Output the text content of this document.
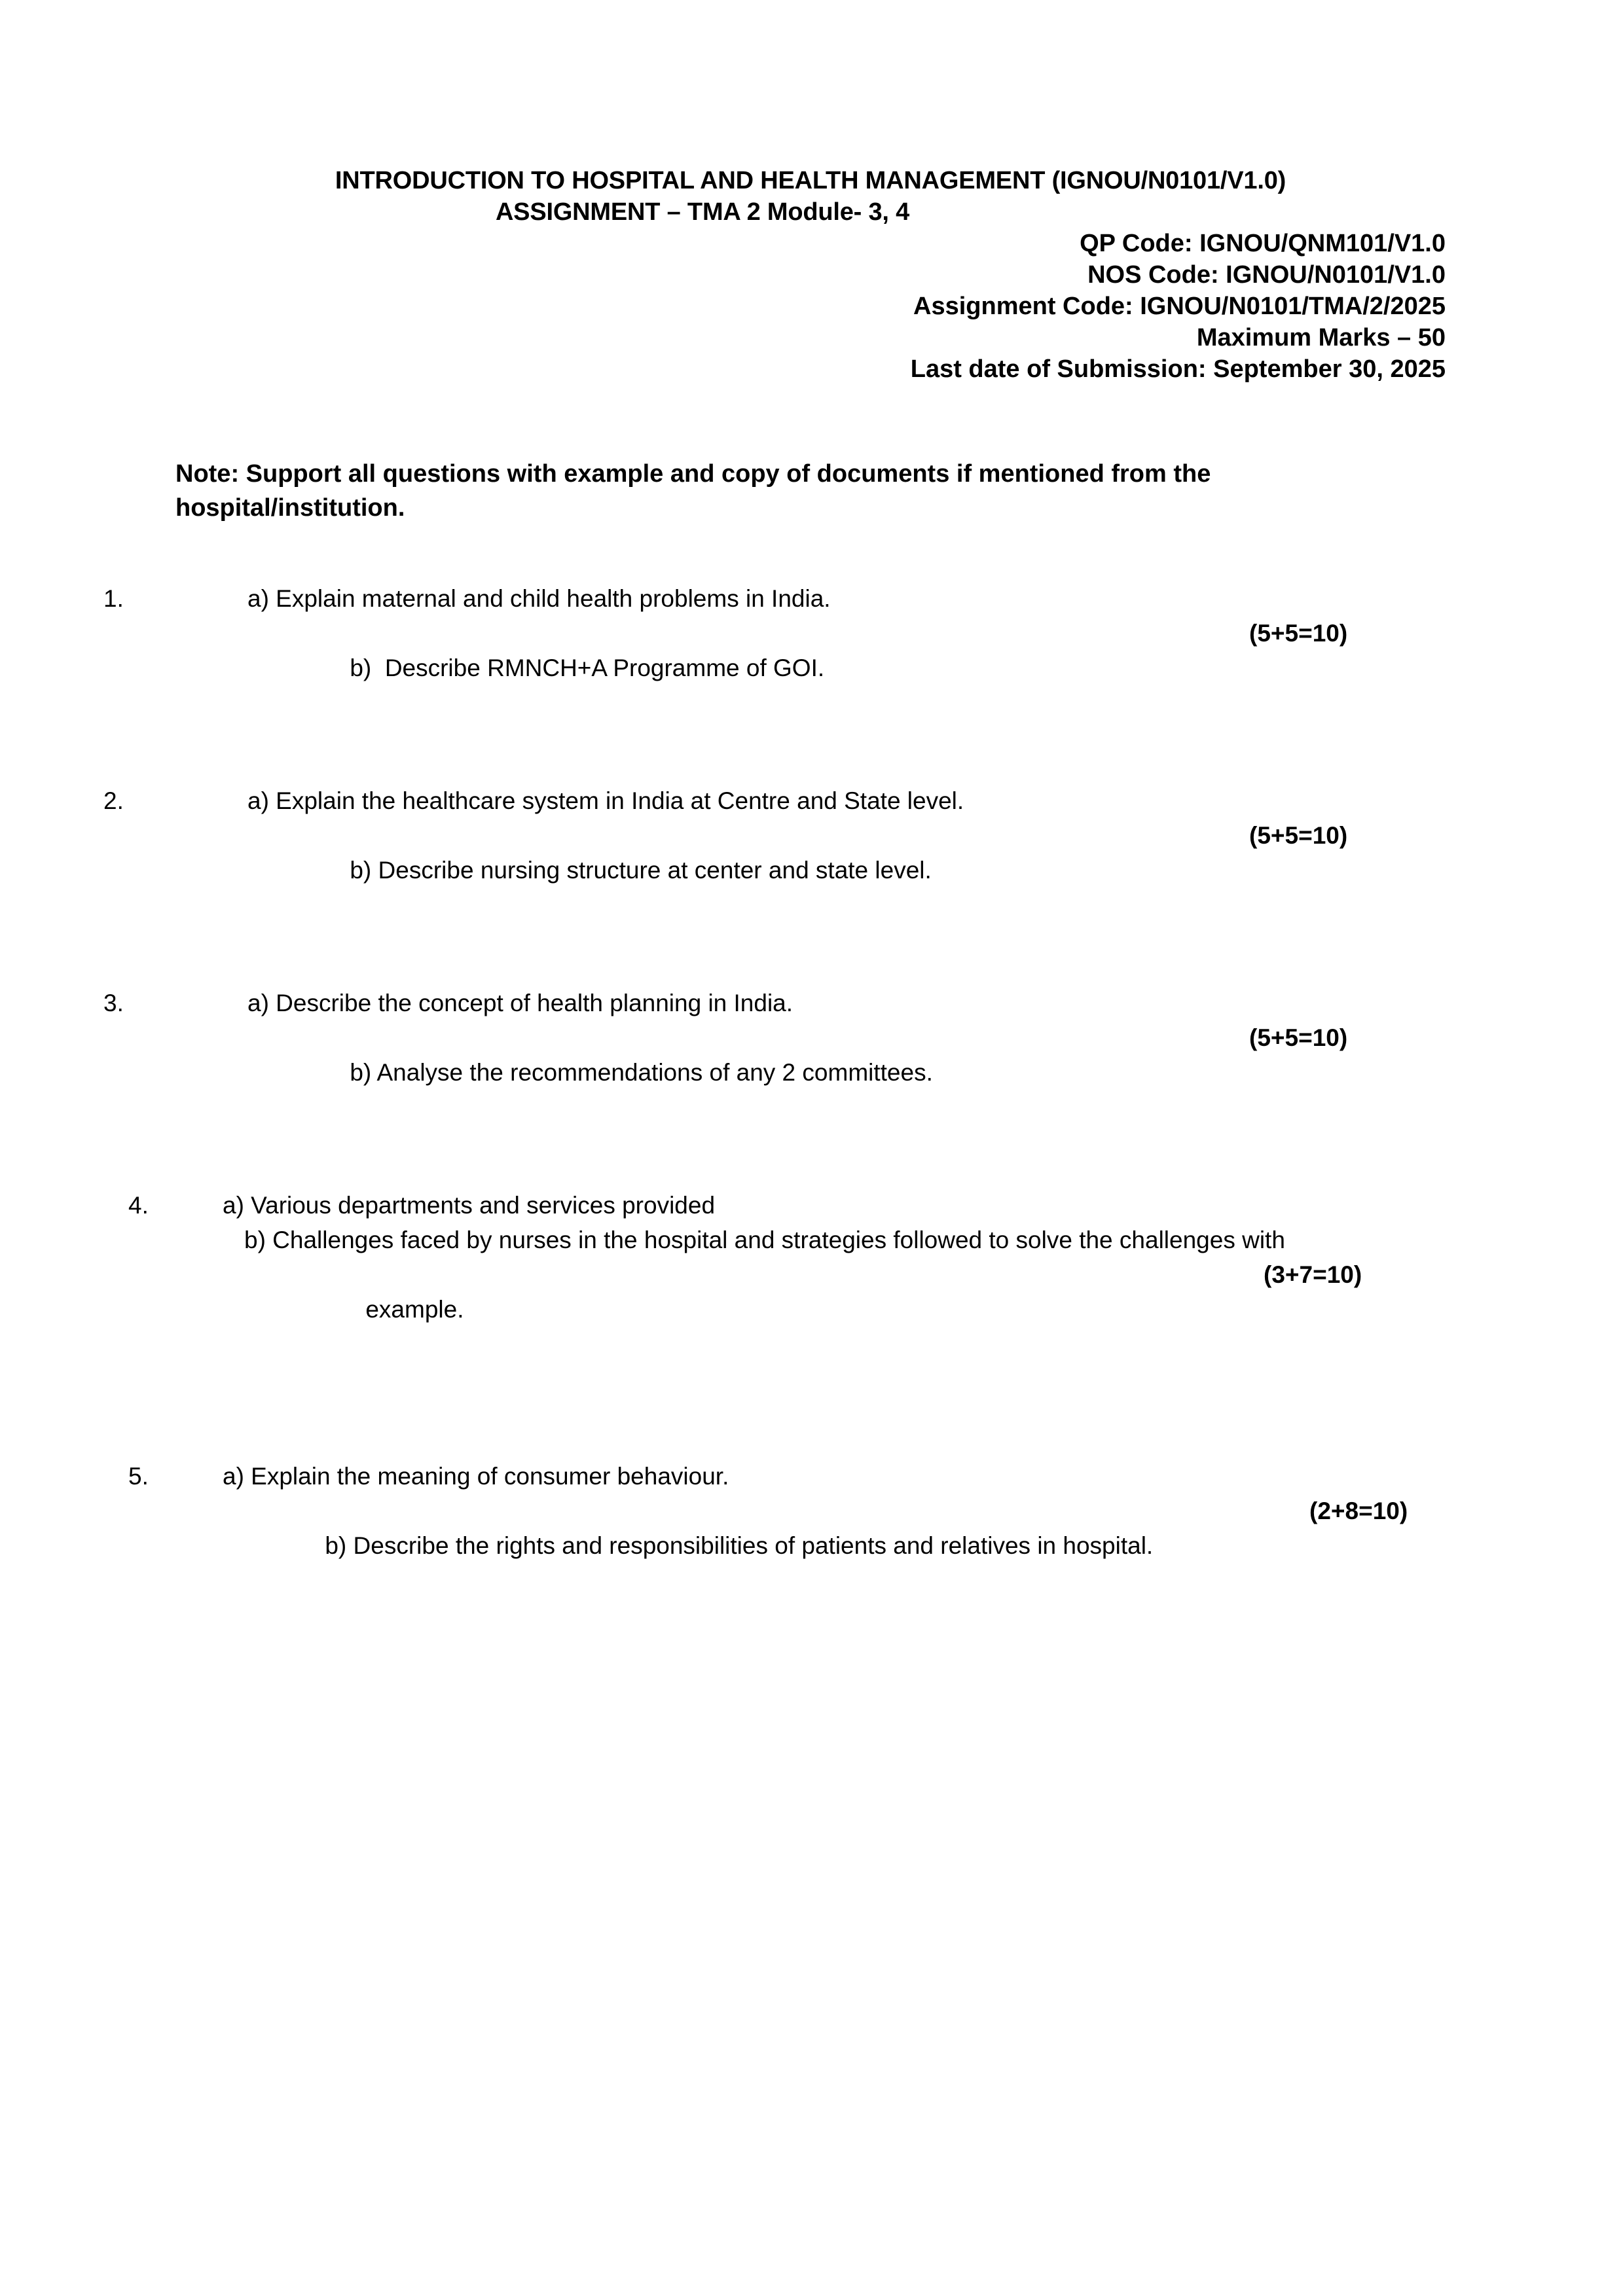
INTRODUCTION TO HOSPITAL AND HEALTH MANAGEMENT (IGNOU/N0101/V1.0)
ASSIGNMENT – TMA 2 Module- 3, 4
QP Code: IGNOU/QNM101/V1.0
NOS Code: IGNOU/N0101/V1.0
Assignment Code: IGNOU/N0101/TMA/2/2025
Maximum Marks – 50
Last date of Submission: September 30, 2025
Note: Support all questions with example and copy of documents if mentioned from the
hospital/institution.
1.	a) Explain maternal and child health problems in India.

b)  Describe RMNCH+A Programme of GOI.

(5+5=10)

2.	a) Explain the healthcare system in India at Centre and State level.

b) Describe nursing structure at center and state level.

(5+5=10)

3.	a) Describe the concept of health planning in India.

b) Analyse the recommendations of any 2 committees.

(5+5=10)

4.	a) Various departments and services provided
b) Challenges faced by nurses in the hospital and strategies followed to solve the challenges with

example.

(3+7=10)

5.	a) Explain the meaning of consumer behaviour.

b) Describe the rights and responsibilities of patients and relatives in hospital.

(2+8=10)
